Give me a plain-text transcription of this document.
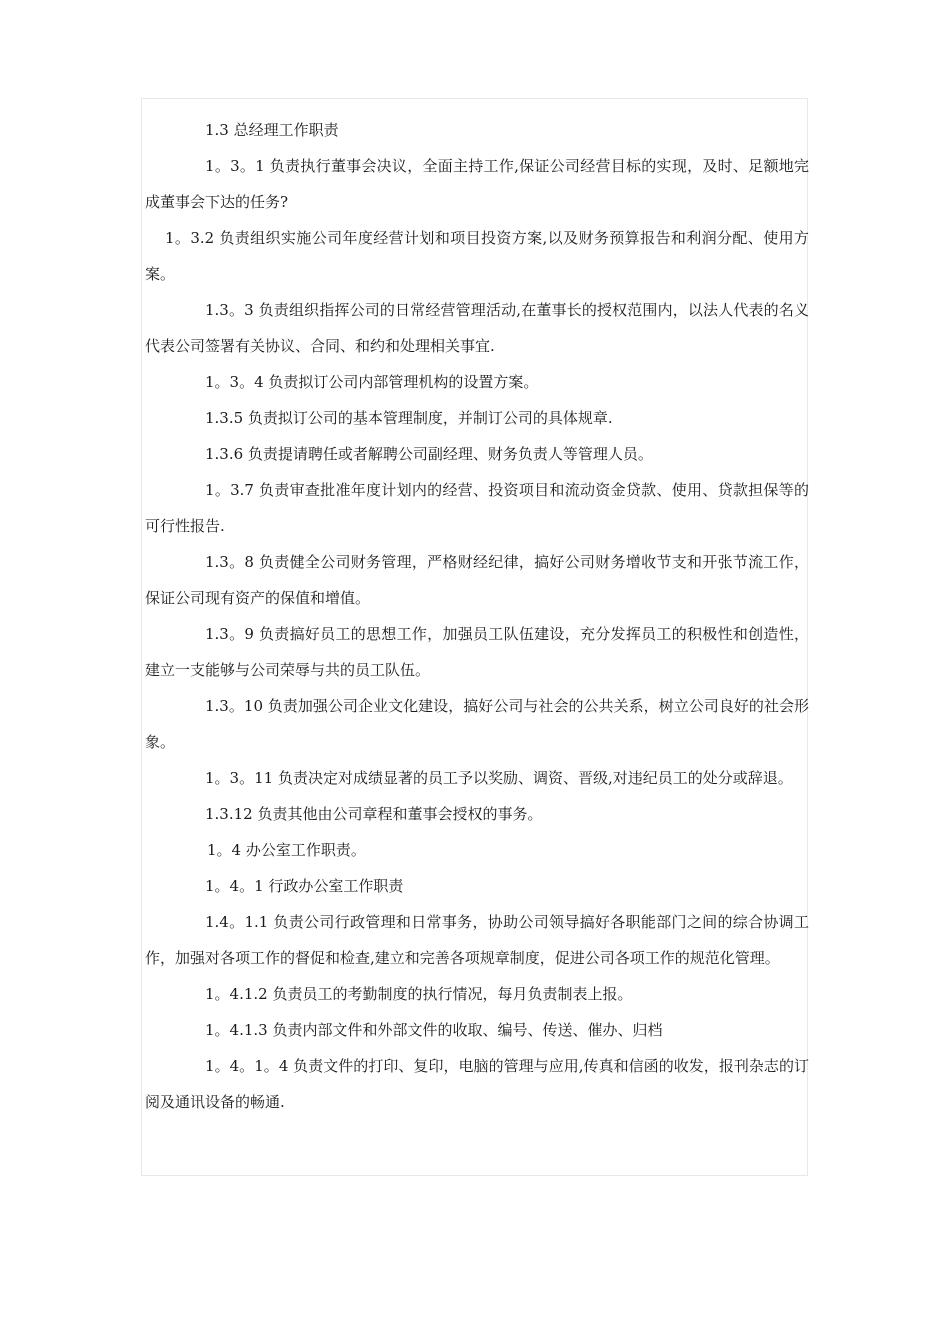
1.3 总经理工作职责

1。3。1 负责执行董事会决议，全面主持工作,保证公司经营目标的实现，及时、足额地完成董事会下达的任务?

1。3.2 负责组织实施公司年度经营计划和项目投资方案,以及财务预算报告和利润分配、使用方案。

1.3。3 负责组织指挥公司的日常经营管理活动,在董事长的授权范围内，以法人代表的名义代表公司签署有关协议、合同、和约和处理相关事宜.

1。3。4 负责拟订公司内部管理机构的设置方案。

1.3.5 负责拟订公司的基本管理制度，并制订公司的具体规章.

1.3.6 负责提请聘任或者解聘公司副经理、财务负责人等管理人员。

1。3.7 负责审查批准年度计划内的经营、投资项目和流动资金贷款、使用、贷款担保等的可行性报告.

1.3。8 负责健全公司财务管理，严格财经纪律，搞好公司财务增收节支和开张节流工作，保证公司现有资产的保值和增值。

1.3。9 负责搞好员工的思想工作，加强员工队伍建设，充分发挥员工的积极性和创造性，建立一支能够与公司荣辱与共的员工队伍。

1.3。10 负责加强公司企业文化建设，搞好公司与社会的公共关系，树立公司良好的社会形象。

1。3。11 负责决定对成绩显著的员工予以奖励、调资、晋级,对违纪员工的处分或辞退。

1.3.12 负责其他由公司章程和董事会授权的事务。

1。4 办公室工作职责。

1。4。1 行政办公室工作职责

1.4。1.1 负责公司行政管理和日常事务，协助公司领导搞好各职能部门之间的综合协调工作，加强对各项工作的督促和检查,建立和完善各项规章制度，促进公司各项工作的规范化管理。

1。4.1.2 负责员工的考勤制度的执行情况，每月负责制表上报。

1。4.1.3 负责内部文件和外部文件的收取、编号、传送、催办、归档

1。4。1。4 负责文件的打印、复印，电脑的管理与应用,传真和信函的收发，报刊杂志的订阅及通讯设备的畅通.
